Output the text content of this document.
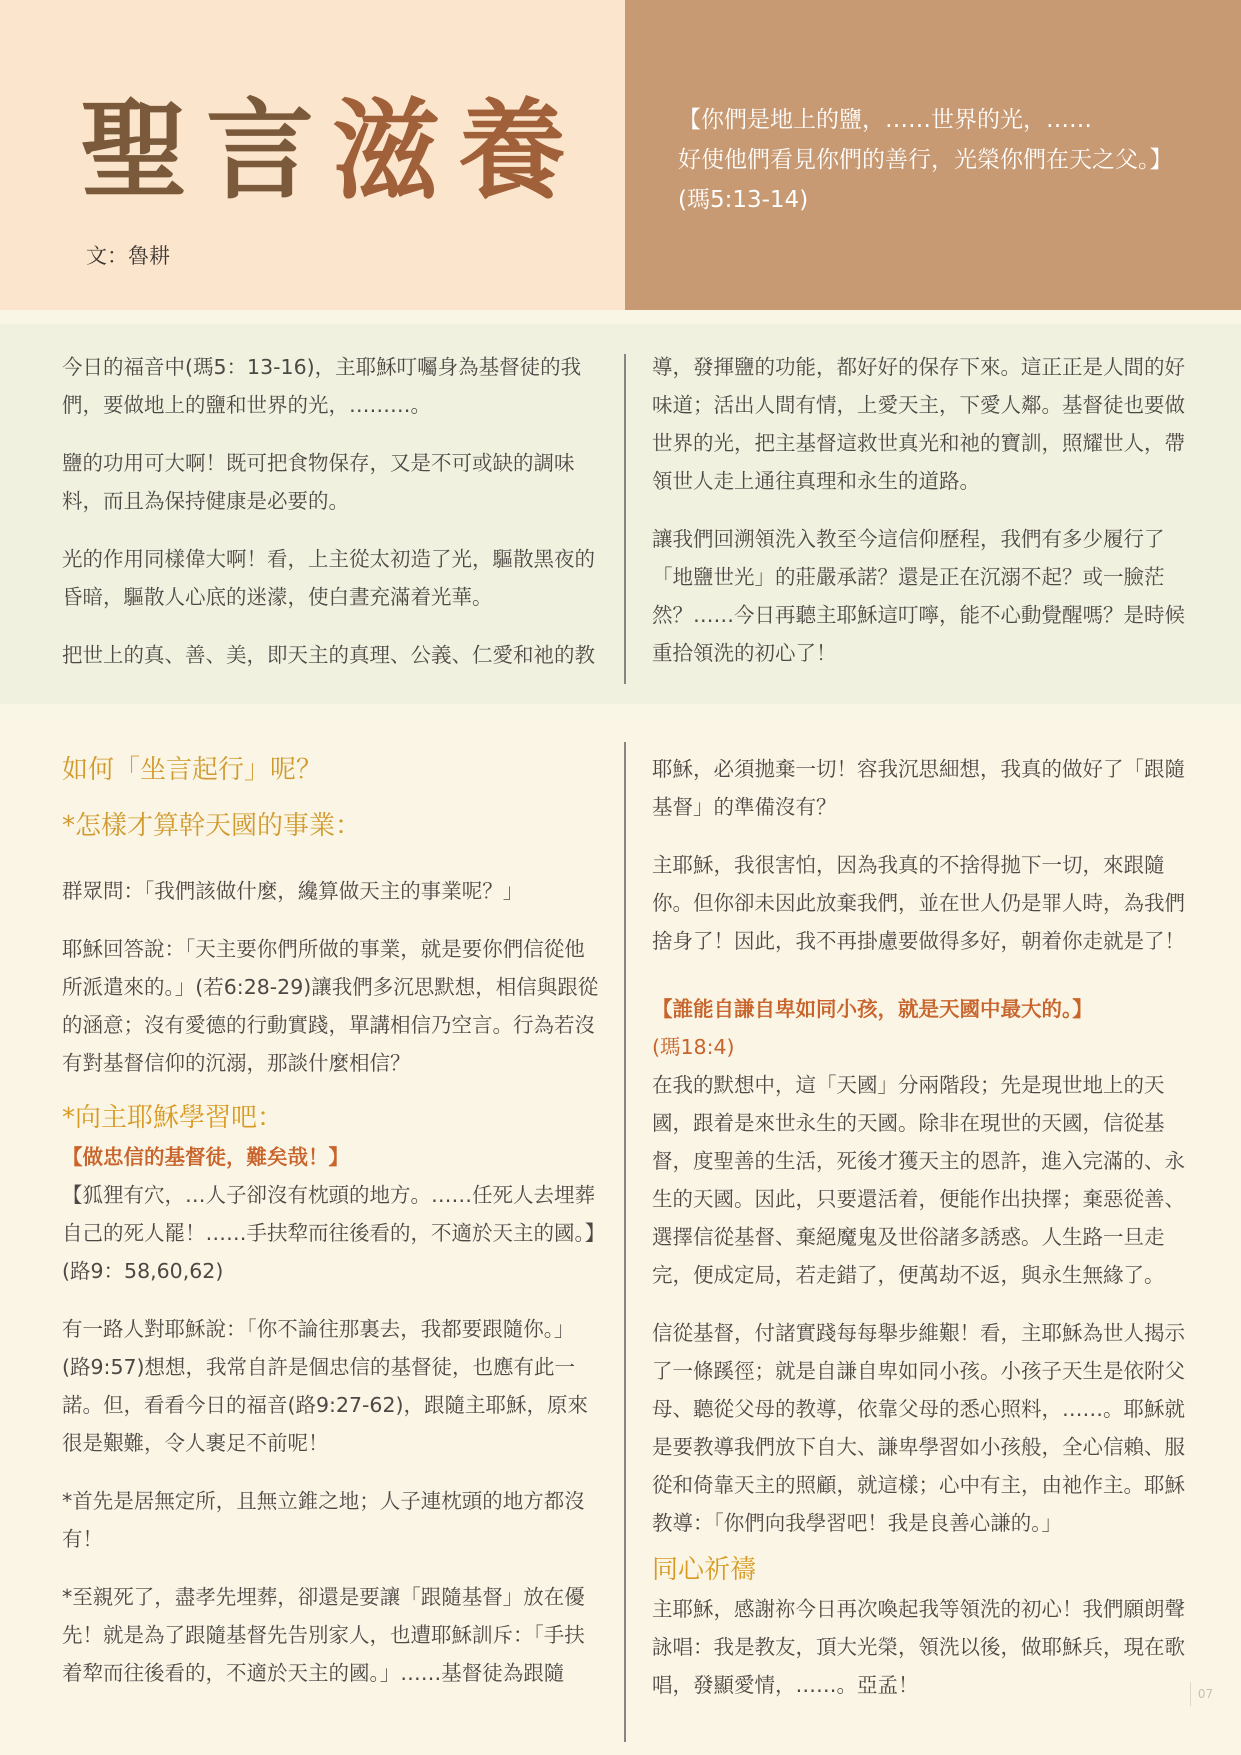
聖言滋養
文：魯耕
【你們是地上的鹽，……世界的光，……
好使他們看見你們的善行，光榮你們在天之父。】
(瑪5:13-14)

今日的福音中(瑪5：13-16)，主耶穌叮囑身為基督徒的我們，要做地上的鹽和世界的光，………。

鹽的功用可大啊！既可把食物保存，又是不可或缺的調味料，而且為保持健康是必要的。

光的作用同樣偉大啊！看，上主從太初造了光，驅散黑夜的昏暗，驅散人心底的迷濛，使白晝充滿着光華。

把世上的真、善、美，即天主的真理、公義、仁愛和祂的教

導，發揮鹽的功能，都好好的保存下來。這正正是人間的好味道；活出人間有情，上愛天主，下愛人鄰。基督徒也要做世界的光，把主基督這救世真光和祂的寶訓，照耀世人，帶領世人走上通往真理和永生的道路。

讓我們回溯領洗入教至今這信仰歷程，我們有多少履行了「地鹽世光」的莊嚴承諾？還是正在沉溺不起？或一臉茫然？……今日再聽主耶穌這叮嚀，能不心動覺醒嗎？是時候重拾領洗的初心了！

如何「坐言起行」呢？
*怎樣才算幹天國的事業：

群眾問：「我們該做什麼，纔算做天主的事業呢？」

耶穌回答說：「天主要你們所做的事業，就是要你們信從他所派遣來的。」(若6:28-29)讓我們多沉思默想，相信與跟從的涵意；沒有愛德的行動實踐，單講相信乃空言。行為若沒有對基督信仰的沉溺，那談什麼相信？

*向主耶穌學習吧：
【做忠信的基督徒，難矣哉！】

【狐狸有穴，…人子卻沒有枕頭的地方。……任死人去埋葬自己的死人罷！……手扶犂而往後看的，不適於天主的國。】(路9：58,60,62)

有一路人對耶穌說：「你不論往那裏去，我都要跟隨你。」(路9:57)想想，我常自許是個忠信的基督徒，也應有此一諾。但，看看今日的福音(路9:27-62)，跟隨主耶穌，原來很是艱難，令人裹足不前呢！

*首先是居無定所，且無立錐之地；人子連枕頭的地方都沒有！

*至親死了，盡孝先埋葬，卻還是要讓「跟隨基督」放在優先！就是為了跟隨基督先告別家人，也遭耶穌訓斥：「手扶着犂而往後看的，不適於天主的國。」……基督徒為跟隨

耶穌，必須拋棄一切！容我沉思細想，我真的做好了「跟隨基督」的準備沒有？

主耶穌，我很害怕，因為我真的不捨得拋下一切，來跟隨你。但你卻未因此放棄我們，並在世人仍是罪人時，為我們捨身了！因此，我不再掛慮要做得多好，朝着你走就是了！

【誰能自謙自卑如同小孩，就是天國中最大的。】
(瑪18:4)

在我的默想中，這「天國」分兩階段；先是現世地上的天國，跟着是來世永生的天國。除非在現世的天國，信從基督，度聖善的生活，死後才獲天主的恩許，進入完滿的、永生的天國。因此，只要還活着，便能作出抉擇；棄惡從善、選擇信從基督、棄絕魔鬼及世俗諸多誘惑。人生路一旦走完，便成定局，若走錯了，便萬劫不返，與永生無緣了。

信從基督，付諸實踐每每舉步維艱！看，主耶穌為世人揭示了一條蹊徑；就是自謙自卑如同小孩。小孩子天生是依附父母、聽從父母的教導，依靠父母的悉心照料，……。耶穌就是要教導我們放下自大、謙卑學習如小孩般，全心信賴、服從和倚靠天主的照顧，就這樣；心中有主，由祂作主。耶穌教導：「你們向我學習吧！我是良善心謙的。」

同心祈禱

主耶穌，感謝祢今日再次喚起我等領洗的初心！我們願朗聲詠唱：我是教友，頂大光榮，領洗以後，做耶穌兵，現在歌唱，發顯愛情，……。亞孟！	07
